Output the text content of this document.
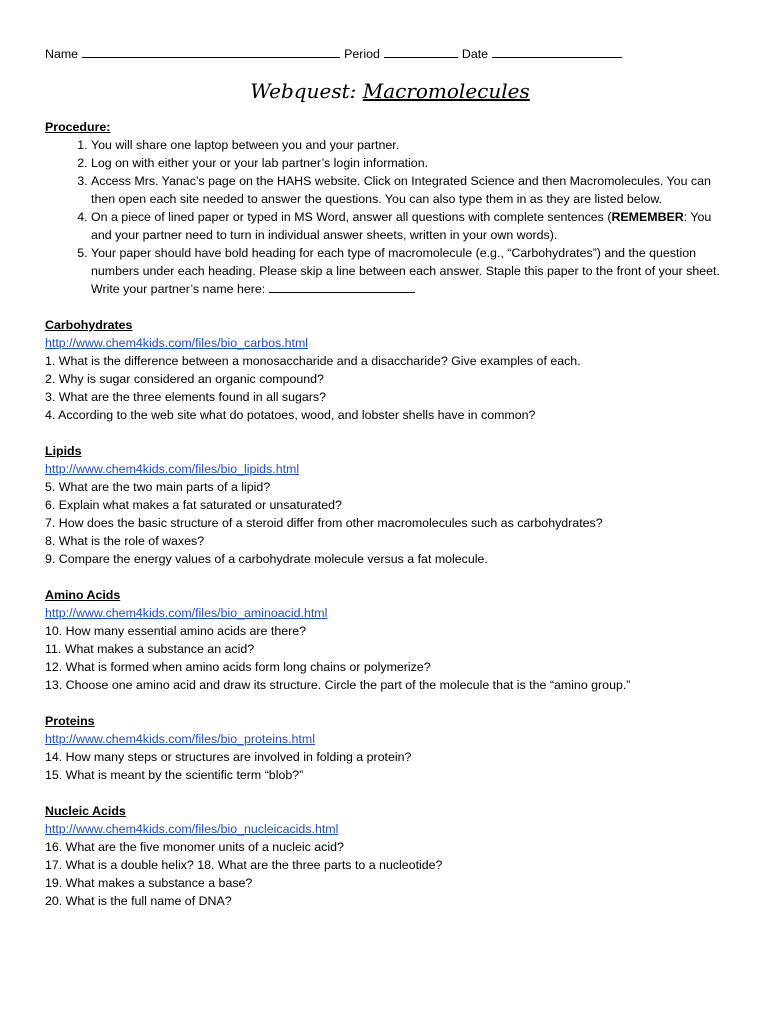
Name	Period	Date
Webquest: Macromolecules
Procedure:
1. You will share one laptop between you and your partner.
2. Log on with either your or your lab partner’s login information.
3. Access Mrs. Yanac’s page on the HAHS website. Click on Integrated Science and then Macromolecules. You can then open each site needed to answer the questions. You can also type them in as they are listed below.
4. On a piece of lined paper or typed in MS Word, answer all questions with complete sentences (REMEMBER: You and your partner need to turn in individual answer sheets, written in your own words).
5. Your paper should have bold heading for each type of macromolecule (e.g., “Carbohydrates”) and the question numbers under each heading. Please skip a line between each answer. Staple this paper to the front of your sheet. Write your partner’s name here:
Carbohydrates
http://www.chem4kids.com/files/bio_carbos.html
1. What is the difference between a monosaccharide and a disaccharide? Give examples of each.
2. Why is sugar considered an organic compound?
3. What are the three elements found in all sugars?
4. According to the web site what do potatoes, wood, and lobster shells have in common?
Lipids
http://www.chem4kids.com/files/bio_lipids.html
5. What are the two main parts of a lipid?
6. Explain what makes a fat saturated or unsaturated?
7. How does the basic structure of a steroid differ from other macromolecules such as carbohydrates?
8. What is the role of waxes?
9. Compare the energy values of a carbohydrate molecule versus a fat molecule.
Amino Acids
http://www.chem4kids.com/files/bio_aminoacid.html
10. How many essential amino acids are there?
11. What makes a substance an acid?
12. What is formed when amino acids form long chains or polymerize?
13. Choose one amino acid and draw its structure. Circle the part of the molecule that is the “amino group.”
Proteins
http://www.chem4kids.com/files/bio_proteins.html
14. How many steps or structures are involved in folding a protein?
15. What is meant by the scientific term “blob?”
Nucleic Acids
http://www.chem4kids.com/files/bio_nucleicacids.html
16. What are the five monomer units of a nucleic acid?
17. What is a double helix? 18. What are the three parts to a nucleotide?
19. What makes a substance a base?
20. What is the full name of DNA?
